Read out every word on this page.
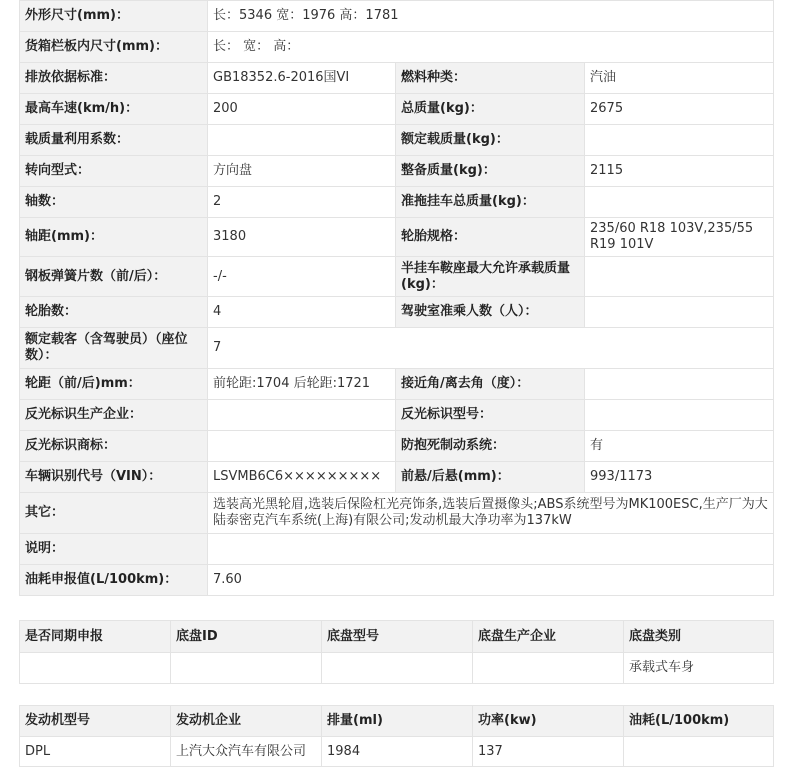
外形尺寸(mm)：	长：5346 宽：1976 高：1781		
货箱栏板内尺寸(mm)：	长： 宽： 高：		
排放依据标准：	GB18352.6-2016国VI	燃料种类：	汽油
最高车速(km/h)：	200	总质量(kg)：	2675
载质量利用系数：		额定载质量(kg)：	
转向型式：	方向盘	整备质量(kg)：	2115
轴数：	2	准拖挂车总质量(kg)：	
轴距(mm)：	3180	轮胎规格：	235/60 R18 103V,235/55 R19 101V
钢板弹簧片数（前/后）：	-/-	半挂车鞍座最大允许承载质量(kg)：	
轮胎数：	4	驾驶室准乘人数（人）：	
额定载客（含驾驶员）（座位数）：	7		
轮距（前/后)mm：	前轮距:1704 后轮距:1721	接近角/离去角（度）：	
反光标识生产企业：		反光标识型号：	
反光标识商标：		防抱死制动系统：	有
车辆识别代号（VIN）：	LSVMB6C6×××××××××	前悬/后悬(mm)：	993/1173
其它：	选装高光黑轮眉,选装后保险杠光亮饰条,选装后置摄像头;ABS系统型号为MK100ESC,生产厂为大陆泰密克汽车系统(上海)有限公司;发动机最大净功率为137kW		
说明：			
油耗申报值(L/100km)：	7.60		
是否同期申报	底盘ID	底盘型号	底盘生产企业	底盘类别
				承载式车身
发动机型号	发动机企业	排量(ml)	功率(kw)	油耗(L/100km)
DPL	上汽大众汽车有限公司	1984	137	
